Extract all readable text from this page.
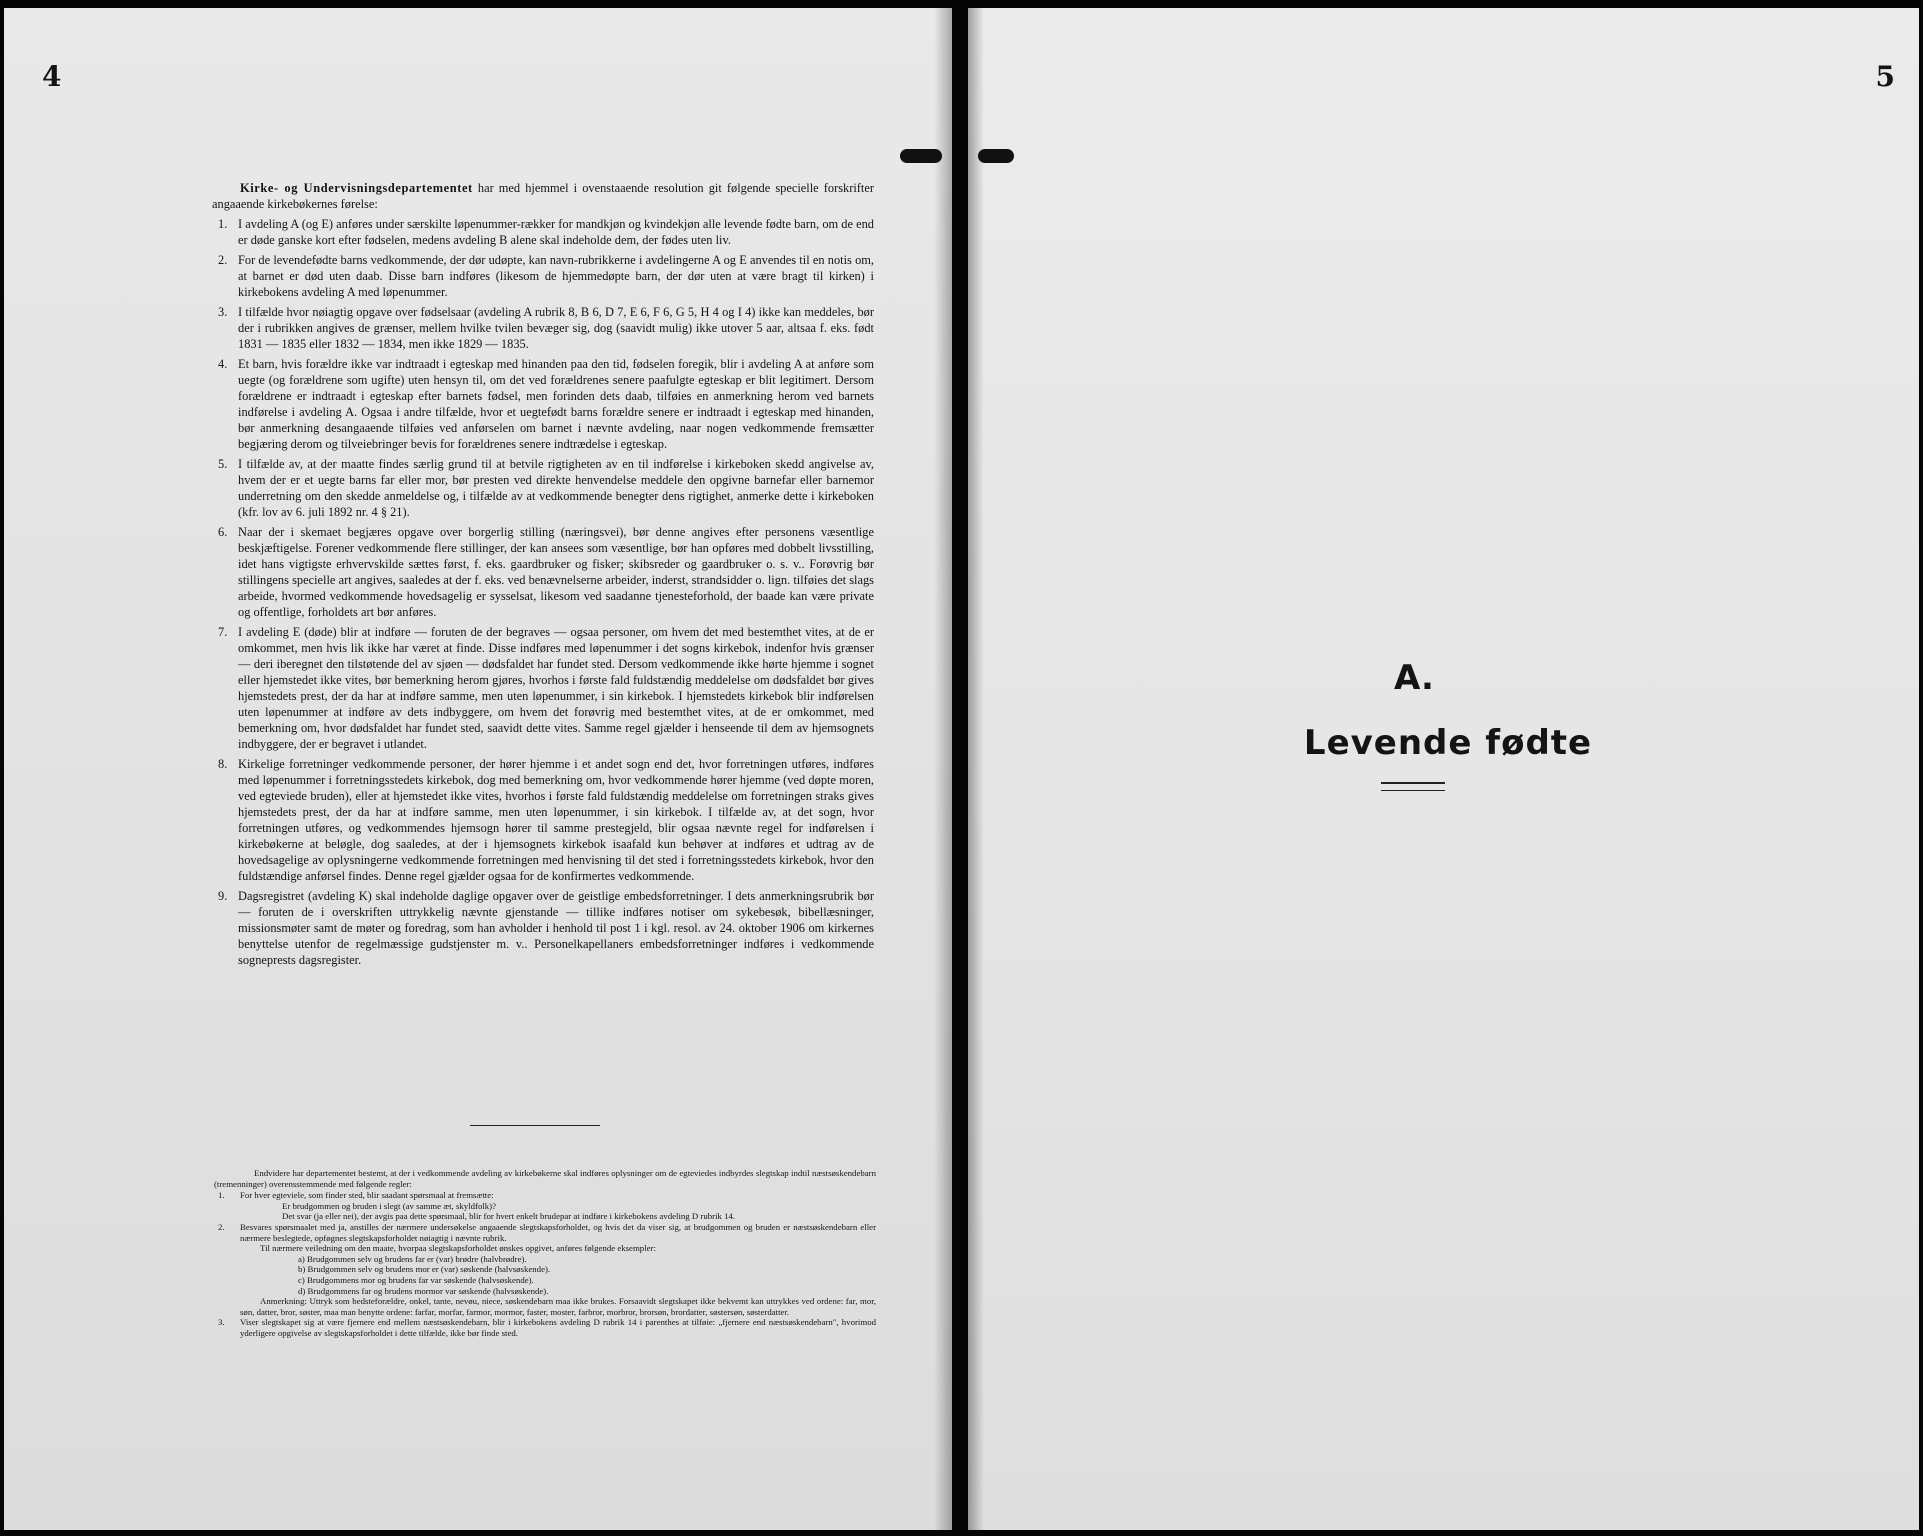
4

Kirke- og Undervisningsdepartementet har med hjemmel i ovenstaaende resolution git følgende specielle forskrifter angaaende kirkebøkernes førelse:

1. I avdeling A (og E) anføres under særskilte løpenummer-rækker for mandkjøn og kvindekjøn alle levende fødte barn, om de end er døde ganske kort efter fødselen, medens avdeling B alene skal indeholde dem, der fødes uten liv.
2. For de levendefødte barns vedkommende, der dør udøpte, kan navn-rubrikkerne i avdelingerne A og E anvendes til en notis om, at barnet er død uten daab. Disse barn indføres (likesom de hjemmedøpte barn, der dør uten at være bragt til kirken) i kirkebokens avdeling A med løpenummer.
3. I tilfælde hvor nøiagtig opgave over fødselsaar (avdeling A rubrik 8, B 6, D 7, E 6, F 6, G 5, H 4 og I 4) ikke kan meddeles, bør der i rubrikken angives de grænser, mellem hvilke tvilen bevæger sig, dog (saavidt mulig) ikke utover 5 aar, altsaa f. eks. født 1831 — 1835 eller 1832 — 1834, men ikke 1829 — 1835.
4. Et barn, hvis forældre ikke var indtraadt i egteskap med hinanden paa den tid, fødselen foregik, blir i avdeling A at anføre som uegte (og forældrene som ugifte) uten hensyn til, om det ved forældrenes senere paafulgte egteskap er blit legitimert. Dersom forældrene er indtraadt i egteskap efter barnets fødsel, men forinden dets daab, tilføies en anmerkning herom ved barnets indførelse i avdeling A. Ogsaa i andre tilfælde, hvor et uegtefødt barns forældre senere er indtraadt i egteskap med hinanden, bør anmerkning desangaaende tilføies ved anførselen om barnet i nævnte avdeling, naar nogen vedkommende fremsætter begjæring derom og tilveiebringer bevis for forældrenes senere indtrædelse i egteskap.
5. I tilfælde av, at der maatte findes særlig grund til at betvile rigtigheten av en til indførelse i kirkeboken skedd angivelse av, hvem der er et uegte barns far eller mor, bør presten ved direkte henvendelse meddele den opgivne barnefar eller barnemor underretning om den skedde anmeldelse og, i tilfælde av at vedkommende benegter dens rigtighet, anmerke dette i kirkeboken (kfr. lov av 6. juli 1892 nr. 4 § 21).
6. Naar der i skemaet begjæres opgave over borgerlig stilling (næringsvei), bør denne angives efter personens væsentlige beskjæftigelse. Forener vedkommende flere stillinger, der kan ansees som væsentlige, bør han opføres med dobbelt livsstilling, idet hans vigtigste erhvervskilde sættes først, f. eks. gaardbruker og fisker; skibsreder og gaardbruker o. s. v.. Forøvrig bør stillingens specielle art angives, saaledes at der f. eks. ved benævnelserne arbeider, inderst, strandsidder o. lign. tilføies det slags arbeide, hvormed vedkommende hovedsagelig er sysselsat, likesom ved saadanne tjenesteforhold, der baade kan være private og offentlige, forholdets art bør anføres.
7. I avdeling E (døde) blir at indføre — foruten de der begraves — ogsaa personer, om hvem det med bestemthet vites, at de er omkommet, men hvis lik ikke har været at finde. Disse indføres med løpenummer i det sogns kirkebok, indenfor hvis grænser — deri iberegnet den tilstøtende del av sjøen — dødsfaldet har fundet sted. Dersom vedkommende ikke hørte hjemme i sognet eller hjemstedet ikke vites, bør bemerkning herom gjøres, hvorhos i første fald fuldstændig meddelelse om dødsfaldet bør gives hjemstedets prest, der da har at indføre samme, men uten løpenummer, i sin kirkebok. I hjemstedets kirkebok blir indførelsen uten løpenummer at indføre av dets indbyggere, om hvem det forøvrig med bestemthet vites, at de er omkommet, med bemerkning om, hvor dødsfaldet har fundet sted, saavidt dette vites. Samme regel gjælder i henseende til dem av hjemsognets indbyggere, der er begravet i utlandet.
8. Kirkelige forretninger vedkommende personer, der hører hjemme i et andet sogn end det, hvor forretningen utføres, indføres med løpenummer i forretningsstedets kirkebok, dog med bemerkning om, hvor vedkommende hører hjemme (ved døpte moren, ved egteviede bruden), eller at hjemstedet ikke vites, hvorhos i første fald fuldstændig meddelelse om forretningen straks gives hjemstedets prest, der da har at indføre samme, men uten løpenummer, i sin kirkebok. I tilfælde av, at det sogn, hvor forretningen utføres, og vedkommendes hjemsogn hører til samme prestegjeld, blir ogsaa nævnte regel for indførelsen i kirkebøkerne at beløgle, dog saaledes, at der i hjemsognets kirkebok isaafald kun behøver at indføres et udtrag av de hovedsagelige av oplysningerne vedkommende forretningen med henvisning til det sted i forretningsstedets kirkebok, hvor den fuldstændige anførsel findes. Denne regel gjælder ogsaa for de konfirmertes vedkommende.
9. Dagsregistret (avdeling K) skal indeholde daglige opgaver over de geistlige embedsforretninger. I dets anmerkningsrubrik bør — foruten de i overskriften uttrykkelig nævnte gjenstande — tillike indføres notiser om sykebesøk, bibellæsninger, missionsmøter samt de møter og foredrag, som han avholder i henhold til post 1 i kgl. resol. av 24. oktober 1906 om kirkernes benyttelse utenfor de regelmæssige gudstjenster m. v.. Personelkapellaners embedsforretninger indføres i vedkommende sogneprests dagsregister.

Endvidere har departementet bestemt, at der i vedkommende avdeling av kirkebøkerne skal indføres oplysninger om de egteviedes indbyrdes slegtskap indtil næstsøskendebarn (tremenninger) overensstemmende med følgende regler:

1. For hver egteviele, som finder sted, blir saadant spørsmaal at fremsætte:

Er brudgommen og bruden i slegt (av samme æt, skyldfolk)?

Det svar (ja eller nei), der avgis paa dette spørsmaal, blir for hvert enkelt brudepar at indføre i kirkebokens avdeling D rubrik 14.

2. Besvares spørsmaalet med ja, anstilles der nærmere undersøkelse angaaende slegtskapsforholdet, og hvis det da viser sig, at brudgommen og bruden er næstsøskendebarn eller nærmere beslegtede, opføgnes slegtskapsforholdet nøiagtig i nævnte rubrik.

Til nærmere veiledning om den maate, hvorpaa slegtskapsforholdet ønskes opgivet, anføres følgende eksempler:

a) Brudgommen selv og brudens far er (var) brødre (halvbrødre).

b) Brudgommen selv og brudens mor er (var) søskende (halvsøskende).

c) Brudgommens mor og brudens far var søskende (halvsøskende).

d) Brudgommens far og brudens mormor var søskende (halvsøskende).

Anmerkning: Uttryk som bedsteforældre, onkel, tante, nevøu, niece, søskendebarn maa ikke brukes. Forsaavidt slegtskapet ikke bekvemt kan uttrykkes ved ordene: far, mor, søn, datter, bror, søster, maa man benytte ordene: farfar, morfar, farmor, mormor, faster, moster, farbror, morbror, brorsøn, brordatter, søstersøn, søsterdatter.

3. Viser slegtskapet sig at være fjernere end mellem næstsøskendebarn, blir i kirkebokens avdeling D rubrik 14 i parenthes at tilføie: „fjernere end næstsøskendebarn", hvorimod yderligere opgivelse av slegtskapsforholdet i dette tilfælde, ikke bør finde sted.

5
A.
Levende fødte
